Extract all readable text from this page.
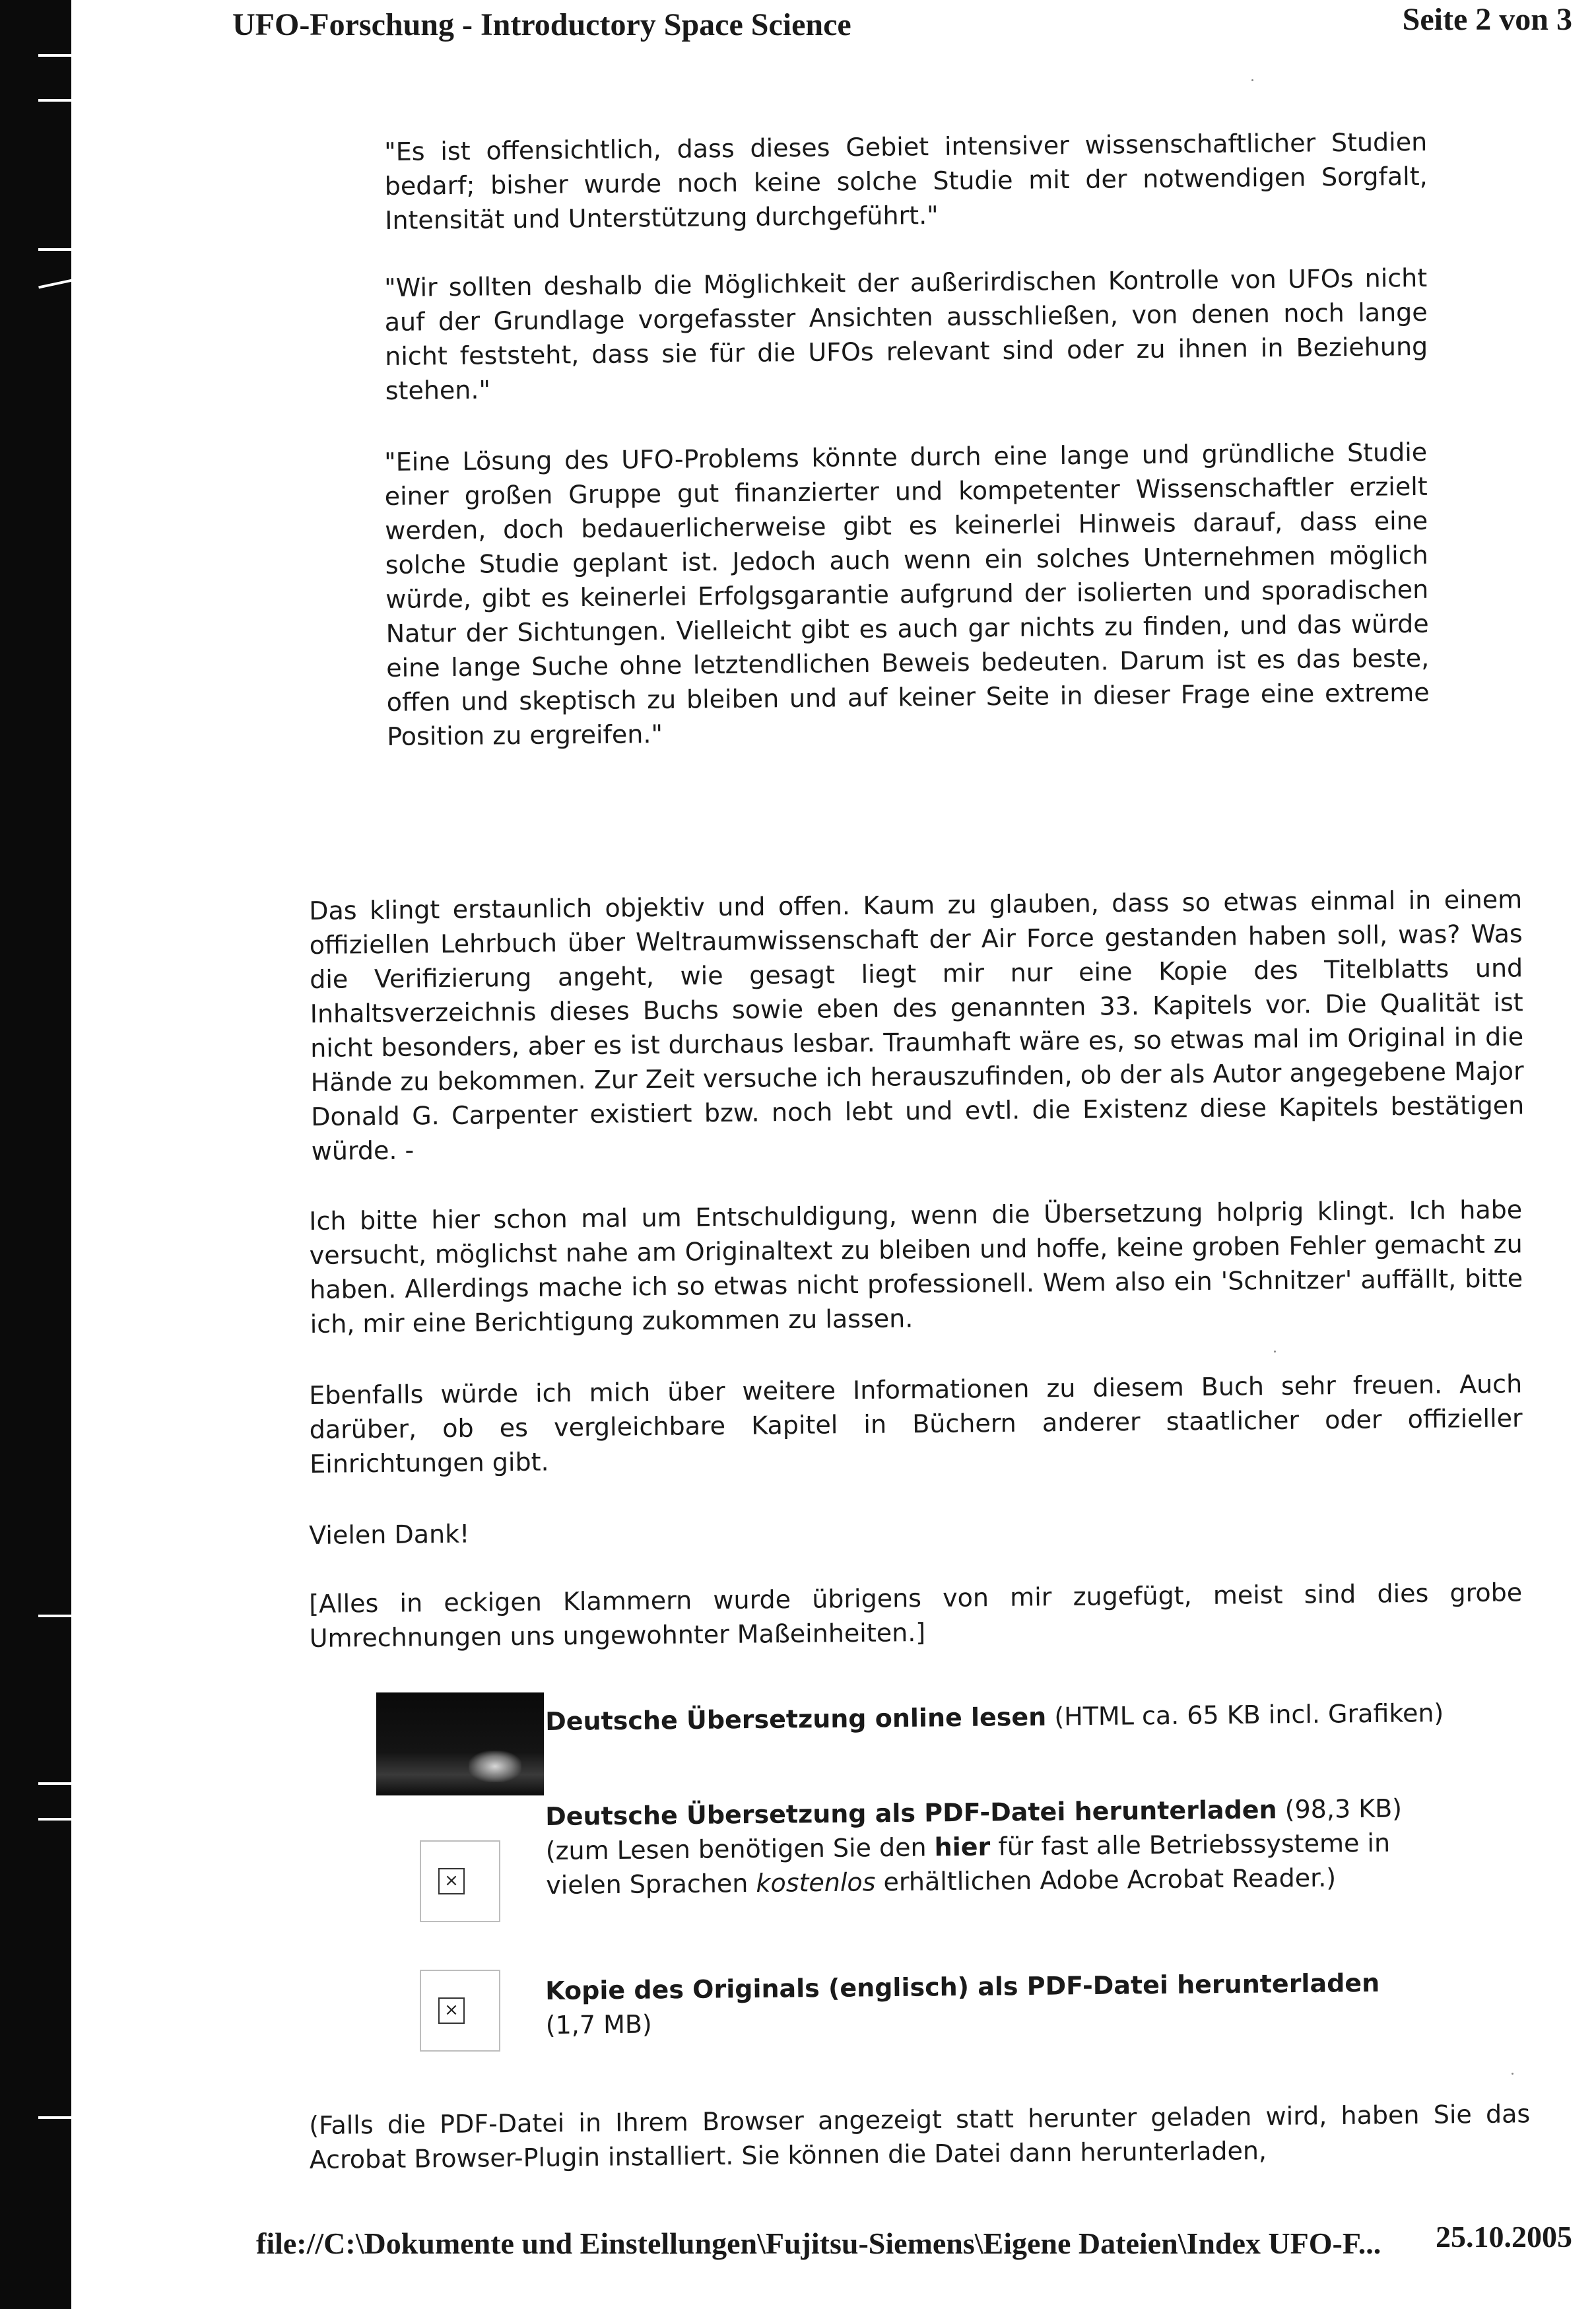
UFO-Forschung - Introductory Space Science	Seite 2 von 3
"Es ist offensichtlich, dass dieses Gebiet intensiver wissenschaftlicher Studien bedarf; bisher wurde noch keine solche Studie mit der notwendigen Sorgfalt, Intensität und Unterstützung durchgeführt."
"Wir sollten deshalb die Möglichkeit der außerirdischen Kontrolle von UFOs nicht auf der Grundlage vorgefasster Ansichten ausschließen, von denen noch lange nicht feststeht, dass sie für die UFOs relevant sind oder zu ihnen in Beziehung stehen."
"Eine Lösung des UFO-Problems könnte durch eine lange und gründliche Studie einer großen Gruppe gut finanzierter und kompetenter Wissenschaftler erzielt werden, doch bedauerlicherweise gibt es keinerlei Hinweis darauf, dass eine solche Studie geplant ist. Jedoch auch wenn ein solches Unternehmen möglich würde, gibt es keinerlei Erfolgsgarantie aufgrund der isolierten und sporadischen Natur der Sichtungen. Vielleicht gibt es auch gar nichts zu finden, und das würde eine lange Suche ohne letztendlichen Beweis bedeuten. Darum ist es das beste, offen und skeptisch zu bleiben und auf keiner Seite in dieser Frage eine extreme Position zu ergreifen."
Das klingt erstaunlich objektiv und offen. Kaum zu glauben, dass so etwas einmal in einem offiziellen Lehrbuch über Weltraumwissenschaft der Air Force gestanden haben soll, was? Was die Verifizierung angeht, wie gesagt liegt mir nur eine Kopie des Titelblatts und Inhaltsverzeichnis dieses Buchs sowie eben des genannten 33. Kapitels vor. Die Qualität ist nicht besonders, aber es ist durchaus lesbar. Traumhaft wäre es, so etwas mal im Original in die Hände zu bekommen. Zur Zeit versuche ich herauszufinden, ob der als Autor angegebene Major Donald G. Carpenter existiert bzw. noch lebt und evtl. die Existenz diese Kapitels bestätigen würde. -
Ich bitte hier schon mal um Entschuldigung, wenn die Übersetzung holprig klingt. Ich habe versucht, möglichst nahe am Originaltext zu bleiben und hoffe, keine groben Fehler gemacht zu haben. Allerdings mache ich so etwas nicht professionell. Wem also ein 'Schnitzer' auffällt, bitte ich, mir eine Berichtigung zukommen zu lassen.
Ebenfalls würde ich mich über weitere Informationen zu diesem Buch sehr freuen. Auch darüber, ob es vergleichbare Kapitel in Büchern anderer staatlicher oder offizieller Einrichtungen gibt.
Vielen Dank!
[Alles in eckigen Klammern wurde übrigens von mir zugefügt, meist sind dies grobe Umrechnungen uns ungewohnter Maßeinheiten.]
Deutsche Übersetzung online lesen (HTML ca. 65 KB incl. Grafiken)
×
Deutsche Übersetzung als PDF-Datei herunterladen (98,3 KB)
(zum Lesen benötigen Sie den hier für fast alle Betriebssysteme in vielen Sprachen kostenlos erhältlichen Adobe Acrobat Reader.)
×
Kopie des Originals (englisch) als PDF-Datei herunterladen
(1,7 MB)
(Falls die PDF-Datei in Ihrem Browser angezeigt statt herunter geladen wird, haben Sie das Acrobat Browser-Plugin installiert. Sie können die Datei dann herunterladen,
file://C:\Dokumente und Einstellungen\Fujitsu-Siemens\Eigene Dateien\Index UFO-F... 25.10.2005
